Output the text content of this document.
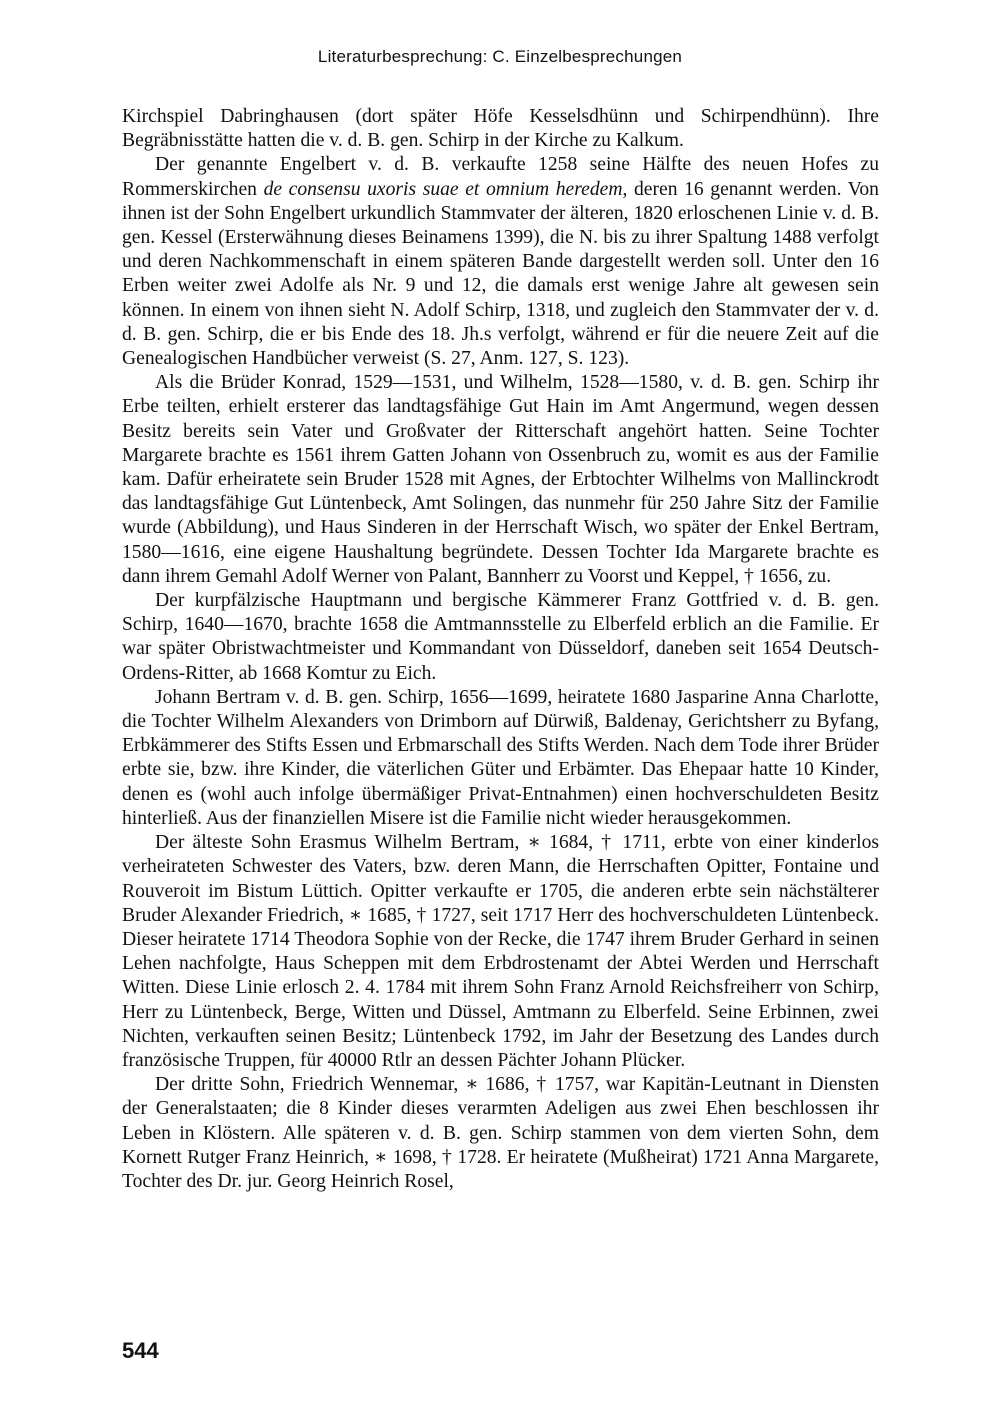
Literaturbesprechung: C. Einzelbesprechungen

Kirchspiel Dabringhausen (dort später Höfe Kesselsdhünn und Schirpendhünn). Ihre Begräbnisstätte hatten die v. d. B. gen. Schirp in der Kirche zu Kalkum.

Der genannte Engelbert v. d. B. verkaufte 1258 seine Hälfte des neuen Hofes zu Rommerskirchen de consensu uxoris suae et omnium heredem, deren 16 genannt werden. Von ihnen ist der Sohn Engelbert urkundlich Stammvater der älteren, 1820 erloschenen Linie v. d. B. gen. Kessel (Ersterwähnung dieses Beinamens 1399), die N. bis zu ihrer Spaltung 1488 verfolgt und deren Nachkommenschaft in einem späteren Bande dargestellt werden soll. Unter den 16 Erben weiter zwei Adolfe als Nr. 9 und 12, die damals erst wenige Jahre alt gewesen sein können. In einem von ihnen sieht N. Adolf Schirp, 1318, und zugleich den Stammvater der v. d. d. B. gen. Schirp, die er bis Ende des 18. Jh.s verfolgt, während er für die neuere Zeit auf die Genealogischen Handbücher verweist (S. 27, Anm. 127, S. 123).

Als die Brüder Konrad, 1529—1531, und Wilhelm, 1528—1580, v. d. B. gen. Schirp ihr Erbe teilten, erhielt ersterer das landtagsfähige Gut Hain im Amt Angermund, wegen dessen Besitz bereits sein Vater und Großvater der Ritterschaft angehört hatten. Seine Tochter Margarete brachte es 1561 ihrem Gatten Johann von Ossenbruch zu, womit es aus der Familie kam. Dafür erheiratete sein Bruder 1528 mit Agnes, der Erbtochter Wilhelms von Mallinckrodt das landtagsfähige Gut Lüntenbeck, Amt Solingen, das nunmehr für 250 Jahre Sitz der Familie wurde (Abbildung), und Haus Sinderen in der Herrschaft Wisch, wo später der Enkel Bertram, 1580—1616, eine eigene Haushaltung begründete. Dessen Tochter Ida Margarete brachte es dann ihrem Gemahl Adolf Werner von Palant, Bannherr zu Voorst und Keppel, † 1656, zu.

Der kurpfälzische Hauptmann und bergische Kämmerer Franz Gottfried v. d. B. gen. Schirp, 1640—1670, brachte 1658 die Amtmannsstelle zu Elberfeld erblich an die Familie. Er war später Obristwachtmeister und Kommandant von Düsseldorf, daneben seit 1654 Deutsch-Ordens-Ritter, ab 1668 Komtur zu Eich.

Johann Bertram v. d. B. gen. Schirp, 1656—1699, heiratete 1680 Jasparine Anna Charlotte, die Tochter Wilhelm Alexanders von Drimborn auf Dürwiß, Baldenay, Gerichtsherr zu Byfang, Erbkämmerer des Stifts Essen und Erbmarschall des Stifts Werden. Nach dem Tode ihrer Brüder erbte sie, bzw. ihre Kinder, die väterlichen Güter und Erbämter. Das Ehepaar hatte 10 Kinder, denen es (wohl auch infolge übermäßiger Privat-Entnahmen) einen hochverschuldeten Besitz hinterließ. Aus der finanziellen Misere ist die Familie nicht wieder herausgekommen.

Der älteste Sohn Erasmus Wilhelm Bertram, ∗ 1684, † 1711, erbte von einer kinderlos verheirateten Schwester des Vaters, bzw. deren Mann, die Herrschaften Opitter, Fontaine und Rouveroit im Bistum Lüttich. Opitter verkaufte er 1705, die anderen erbte sein nächstälterer Bruder Alexander Friedrich, ∗ 1685, † 1727, seit 1717 Herr des hochverschuldeten Lüntenbeck. Dieser heiratete 1714 Theodora Sophie von der Recke, die 1747 ihrem Bruder Gerhard in seinen Lehen nachfolgte, Haus Scheppen mit dem Erbdrostenamt der Abtei Werden und Herrschaft Witten. Diese Linie erlosch 2. 4. 1784 mit ihrem Sohn Franz Arnold Reichsfreiherr von Schirp, Herr zu Lüntenbeck, Berge, Witten und Düssel, Amtmann zu Elberfeld. Seine Erbinnen, zwei Nichten, verkauften seinen Besitz; Lüntenbeck 1792, im Jahr der Besetzung des Landes durch französische Truppen, für 40000 Rtlr an dessen Pächter Johann Plücker.

Der dritte Sohn, Friedrich Wennemar, ∗ 1686, † 1757, war Kapitän-Leutnant in Diensten der Generalstaaten; die 8 Kinder dieses verarmten Adeligen aus zwei Ehen beschlossen ihr Leben in Klöstern. Alle späteren v. d. B. gen. Schirp stammen von dem vierten Sohn, dem Kornett Rutger Franz Heinrich, ∗ 1698, † 1728. Er heiratete (Mußheirat) 1721 Anna Margarete, Tochter des Dr. jur. Georg Heinrich Rosel,

544
